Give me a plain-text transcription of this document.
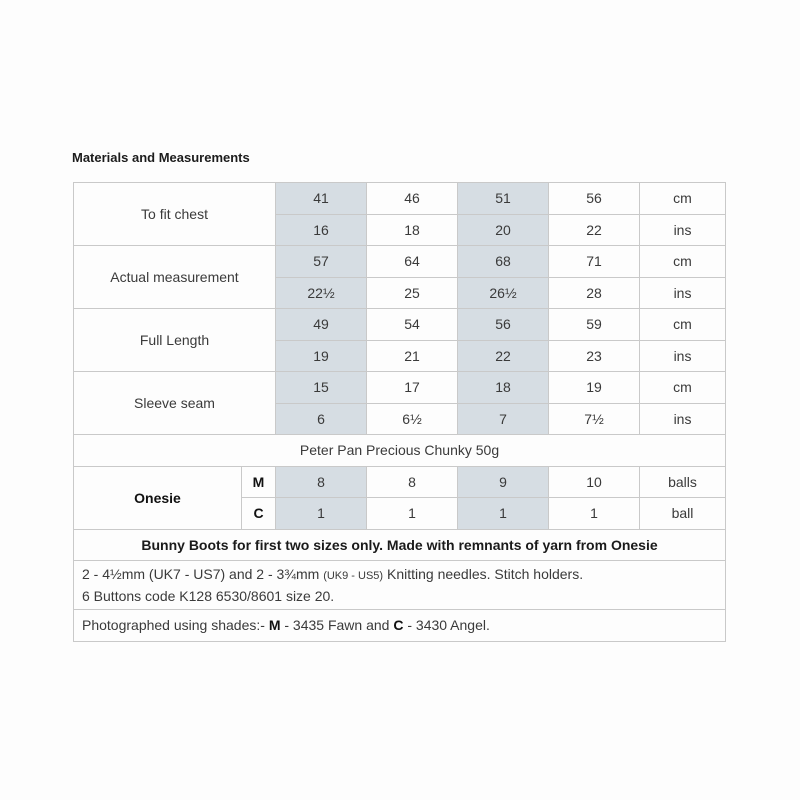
Materials and Measurements
To fit chest		41	46	51	56	cm
		16	18	20	22	ins
Actual measurement		57	64	68	71	cm
		22½	25	26½	28	ins
Full Length		49	54	56	59	cm
		19	21	22	23	ins
Sleeve seam		15	17	18	19	cm
		6	6½	7	7½	ins
Peter Pan Precious Chunky 50g						
Onesie	M	8	8	9	10	balls
	C	1	1	1	1	ball
Bunny Boots for first two sizes only. Made with remnants of yarn from Onesie						
2 - 4½mm (UK7 - US7) and 2 - 3¾mm (UK9 - US5) Knitting needles. Stitch holders.
6 Buttons code K128 6530/8601 size 20.						
Photographed using shades:- M - 3435 Fawn and C - 3430 Angel.						
